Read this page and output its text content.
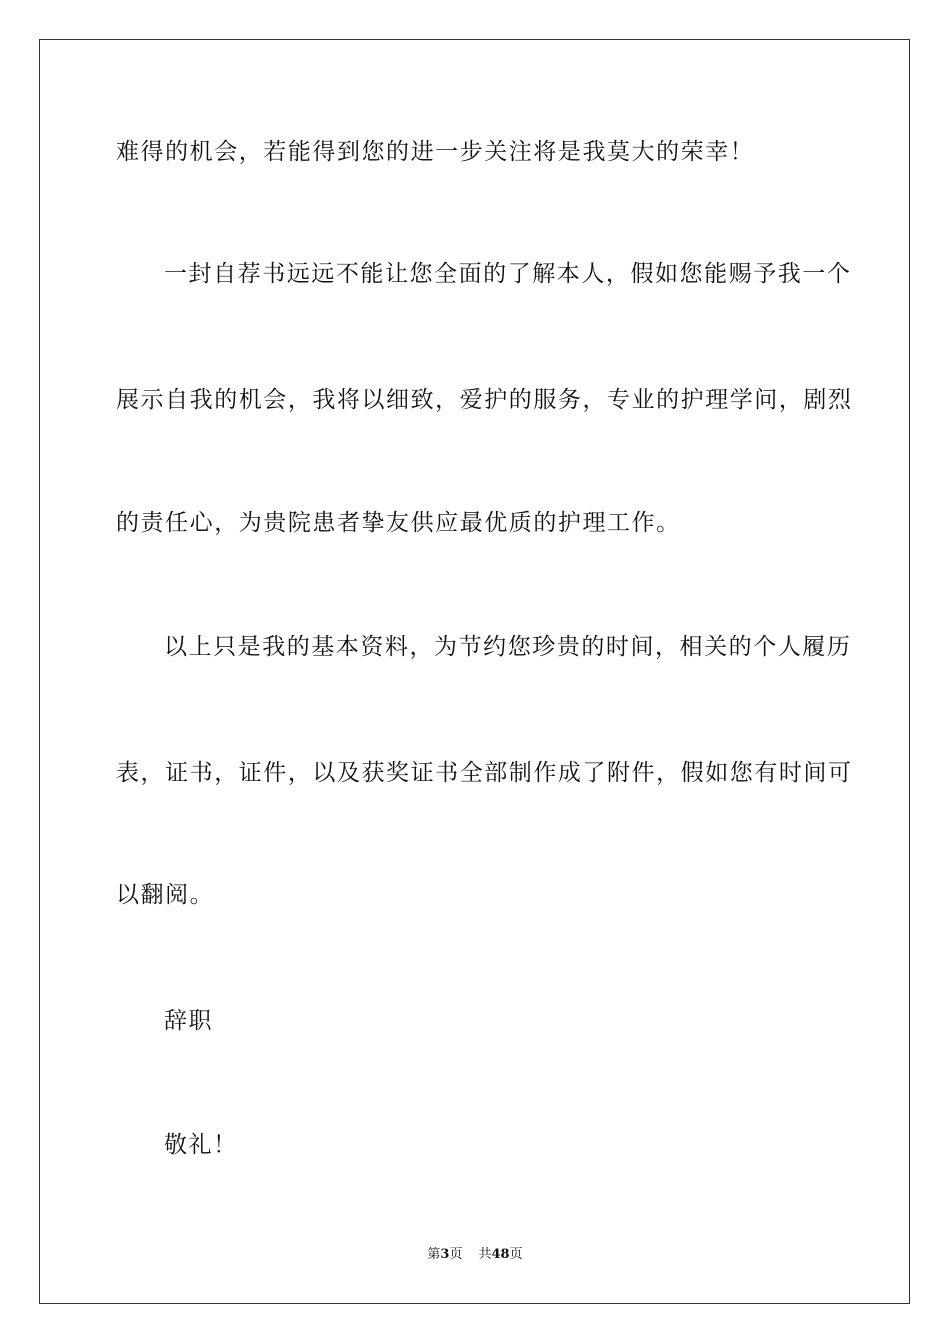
难得的机会，若能得到您的进一步关注将是我莫大的荣幸！
一封自荐书远远不能让您全面的了解本人，假如您能赐予我一个
展示自我的机会，我将以细致，爱护的服务，专业的护理学问，剧烈
的责任心，为贵院患者挚友供应最优质的护理工作。
以上只是我的基本资料，为节约您珍贵的时间，相关的个人履历
表，证书，证件，以及获奖证书全部制作成了附件，假如您有时间可
以翻阅。
辞职
敬礼！
第3页 共48页
